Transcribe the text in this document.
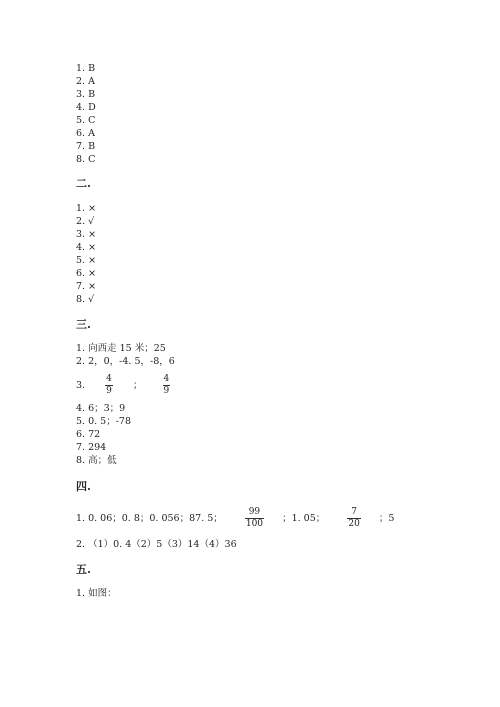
1. B
2. A
3. B
4. D
5. C
6. A
7. B
8. C
二.
1. ×
2. √
3. ×
4. ×
5. ×
6. ×
7. ×
8. √
三.
1. 向西走 15 米；25
2. 2，0，-4. 5，-8，6
3. $\frac{4}{9}$ ； $\frac{4}{9}$
4. 6；3；9
5. 0. 5；-78
6. 72
7. 294
8. 高；低
四.
1. 0. 06；0. 8；0. 056；87. 5； $\frac{99}{100}$ ；1. 05； $\frac{7}{20}$ ；5
2. （1）0. 4（2）5（3）14（4）36
五.
1. 如图：
